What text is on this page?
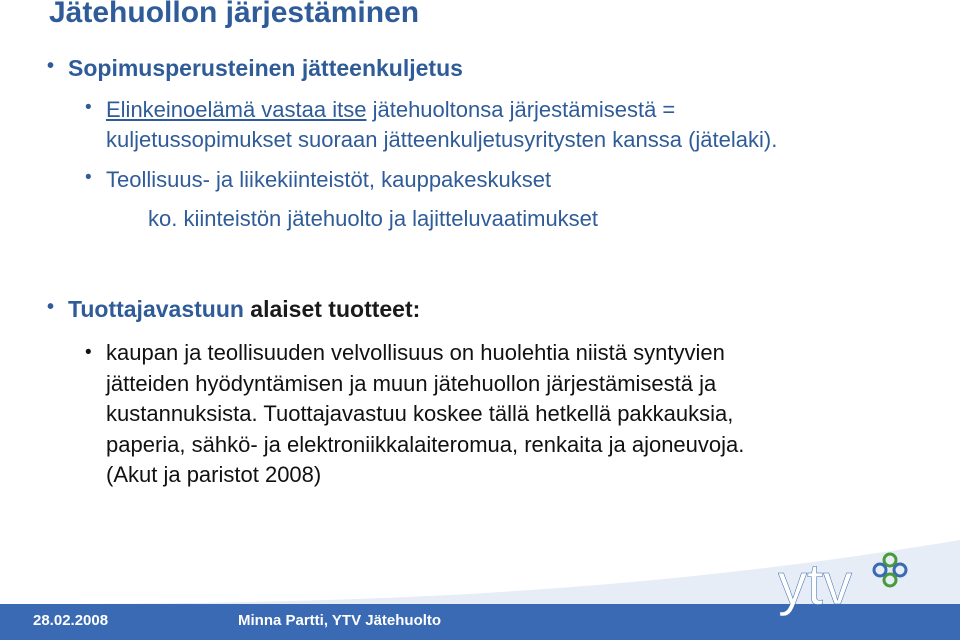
Jätehuollon järjestäminen
• Sopimusperusteinen jätteenkuljetus
• Elinkeinoelämä vastaa itse jätehuoltonsa järjestämisestä =
kuljetussopimukset suoraan jätteenkuljetusyritysten kanssa (jätelaki).
• Teollisuus- ja liikekiinteistöt, kauppakeskukset
ko. kiinteistön jätehuolto ja lajitteluvaatimukset
• Tuottajavastuun alaiset tuotteet:
• kaupan ja teollisuuden velvollisuus on huolehtia niistä syntyvien
jätteiden hyödyntämisen ja muun jätehuollon järjestämisestä ja
kustannuksista. Tuottajavastuu koskee tällä hetkellä pakkauksia,
paperia, sähkö- ja elektroniikkalaiteromua, renkaita ja ajoneuvoja.
(Akut ja paristot 2008)
28.02.2008	Minna Partti, YTV Jätehuolto
ytv
